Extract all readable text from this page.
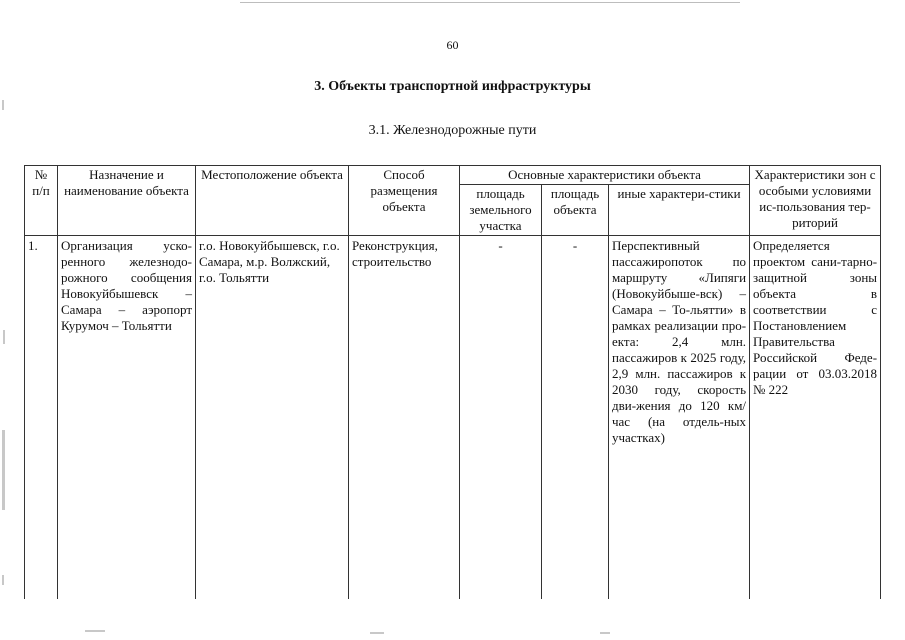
60
3. Объекты транспортной инфраструктуры
3.1. Железнодорожные пути
№ п/п	Назначение и наименование объекта	Местоположение объекта	Способ размещения объекта	Основные характеристики объекта			Характеристики зон с особыми условиями ис-пользования тер-риторий
				площадь земельного участка	площадь объекта	иные характери-стики	
1.	Организация уско-ренного железнодо-рожного сообщения Новокуйбышевск – Самара – аэропорт Курумоч – Тольятти	г.о. Новокуйбышевск, г.о. Самара, м.р. Волжский, г.о. Тольятти	Реконструкция, строительство	-	-	Перспективный пассажиропоток по маршруту «Липяги (Новокуйбыше-вск) – Самара – То-льятти» в рамках реализации про-екта: 2,4 млн. пассажиров к 2025 году, 2,9 млн. пассажиров к 2030 году, скорость дви-жения до 120 км/час (на отдель-ных участках)	Определяется проектом сани-тарно-защитной зоны объекта в соответствии с Постановлением Правительства Российской Феде-рации от 03.03.2018 № 222
